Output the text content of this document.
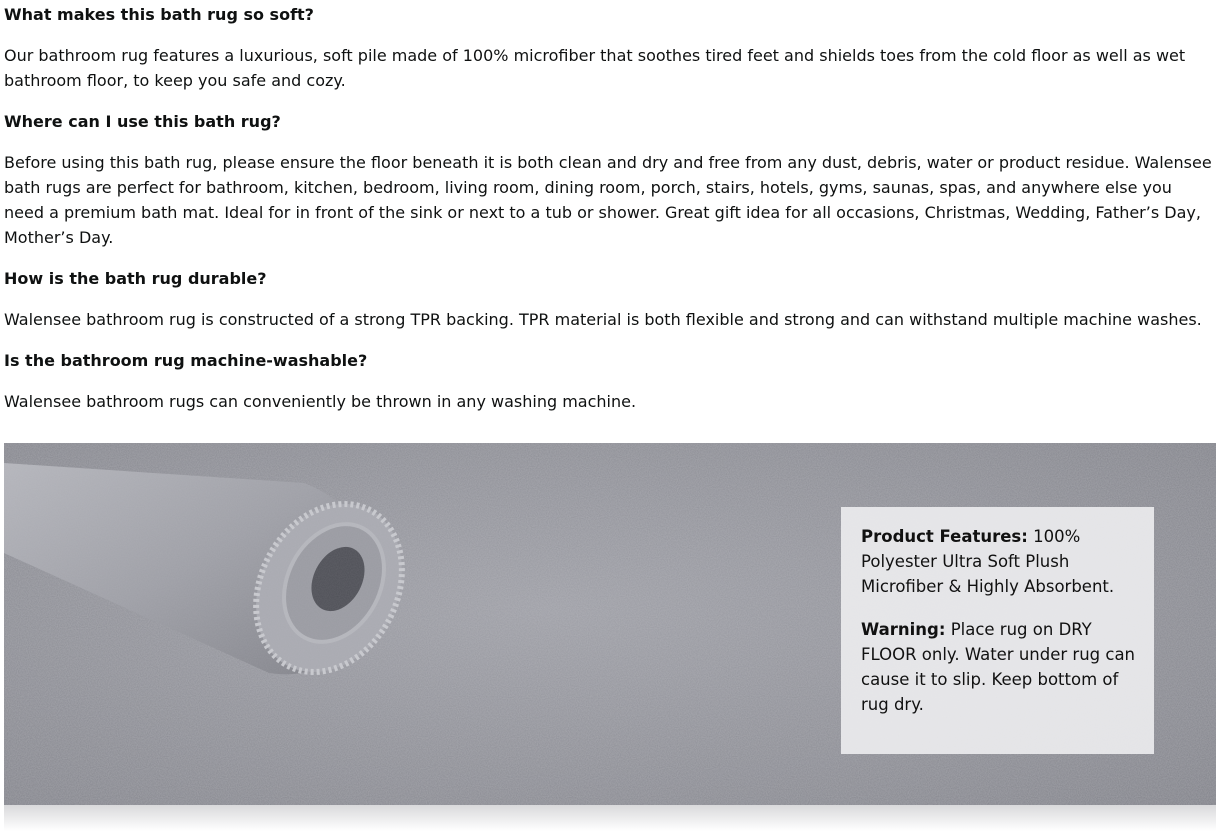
What makes this bath rug so soft?
Our bathroom rug features a luxurious, soft pile made of 100% microfiber that soothes tired feet and shields toes from the cold floor as well as wet bathroom floor, to keep you safe and cozy.
Where can I use this bath rug?
Before using this bath rug, please ensure the floor beneath it is both clean and dry and free from any dust, debris, water or product residue. Walensee bath rugs are perfect for bathroom, kitchen, bedroom, living room, dining room, porch, stairs, hotels, gyms, saunas, spas, and anywhere else you need a premium bath mat. Ideal for in front of the sink or next to a tub or shower. Great gift idea for all occasions, Christmas, Wedding, Father’s Day, Mother’s Day.
How is the bath rug durable?
Walensee bathroom rug is constructed of a strong TPR backing. TPR material is both flexible and strong and can withstand multiple machine washes.
Is the bathroom rug machine-washable?
Walensee bathroom rugs can conveniently be thrown in any washing machine.

Product Features: 100% Polyester Ultra Soft Plush Microfiber & Highly Absorbent.

Warning: Place rug on DRY FLOOR only. Water under rug can cause it to slip. Keep bottom of rug dry.
